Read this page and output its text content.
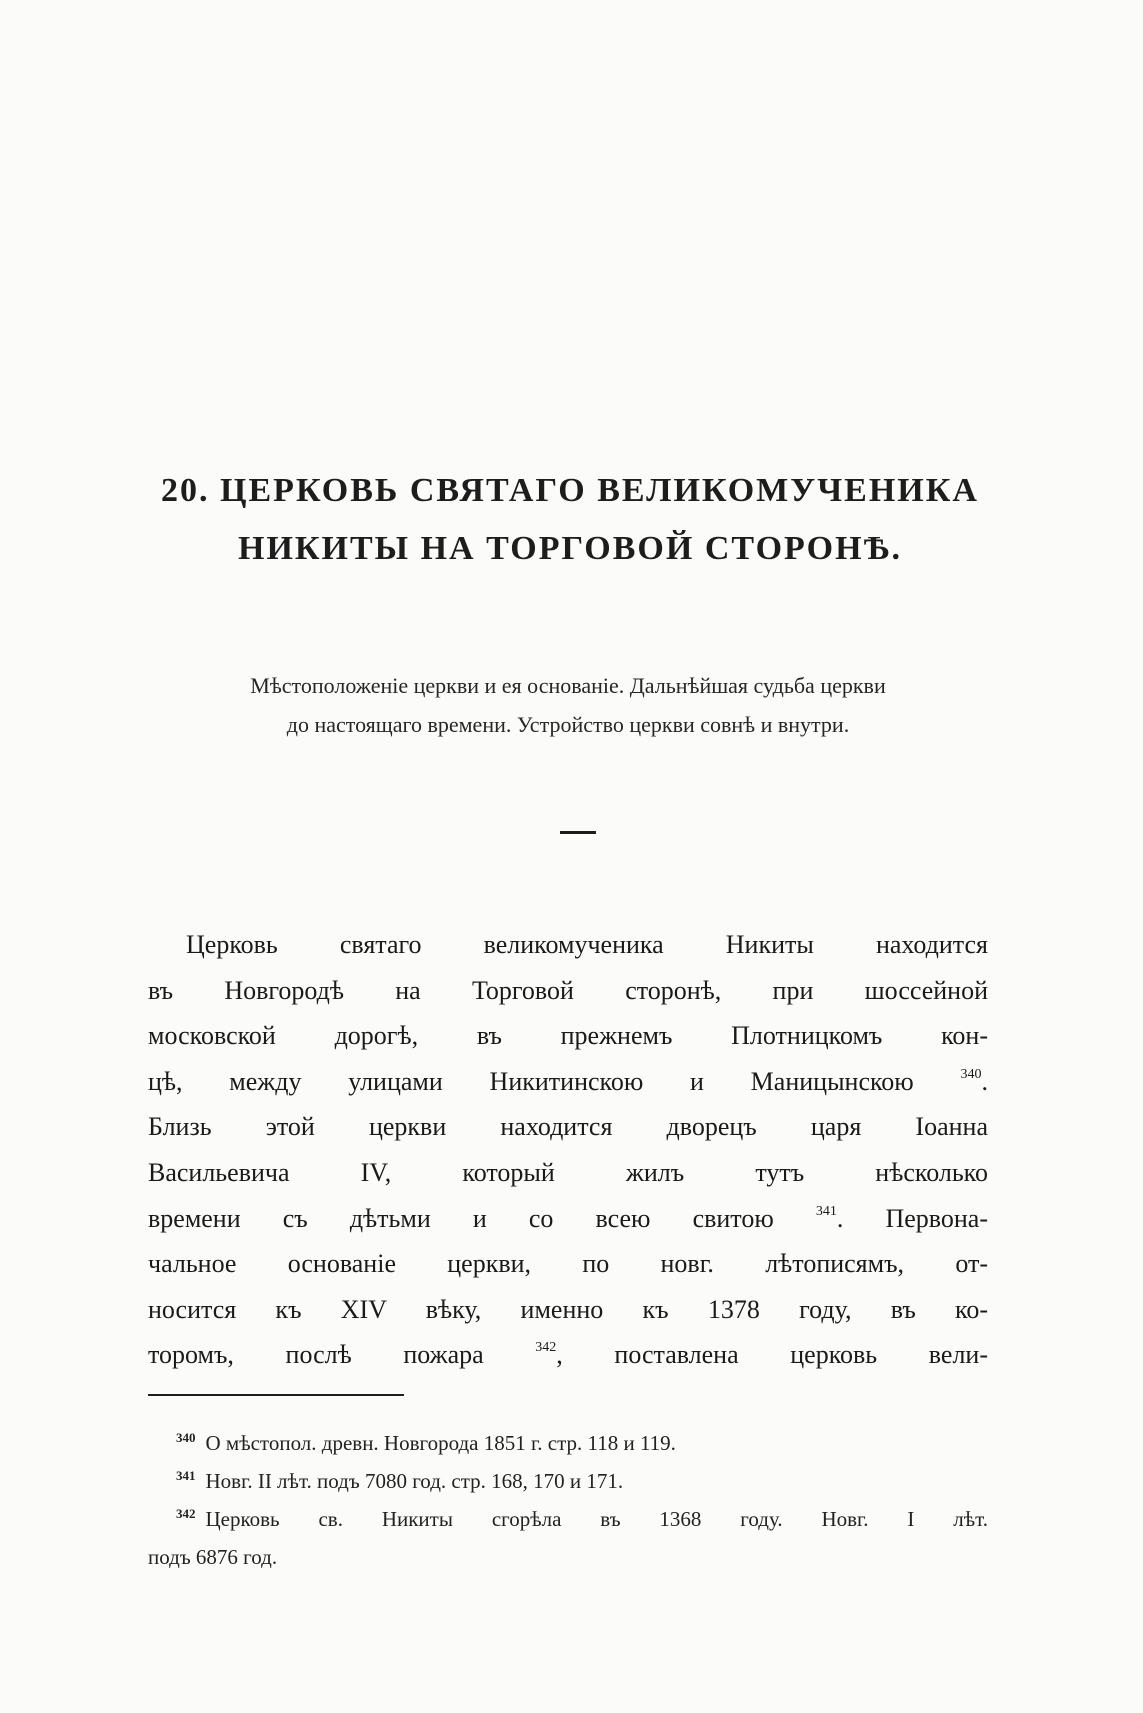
20. ЦЕРКОВЬ СВЯТАГО ВЕЛИКОМУЧЕНИКА
НИКИТЫ НА ТОРГОВОЙ СТОРОНѢ.
Мѣстоположеніе церкви и ея основаніе. Дальнѣйшая судьба церкви
до настоящаго времени. Устройство церкви совнѣ и внутри.
Церковь святаго великомученика Никиты находится
въ Новгородѣ на Торговой сторонѣ, при шоссейной
московской дорогѣ, въ прежнемъ Плотницкомъ кон-
цѣ, между улицами Никитинскою и Маницынскою	$^{340}$.
Близь этой церкви находится дворецъ царя Іоанна
Васильевича IV, который жилъ тутъ нѣсколько
времени съ дѣтьми и со всею свитою	$^{341}$. Первона-
чальное основаніе церкви, по новг. лѣтописямъ, от-
носится къ XIV вѣку, именно къ 1378 году, въ ко-
торомъ, послѣ пожара	$^{342}$, поставлена церковь вели-
$^{340}$ О мѣстопол. древн. Новгорода 1851 г. стр. 118 и 119.
$^{341}$ Новг. II лѣт. подъ 7080 год. стр. 168, 170 и 171.
$^{342}$ Церковь св. Никиты сгорѣла въ 1368 году. Новг. I лѣт.
подъ 6876 год.
